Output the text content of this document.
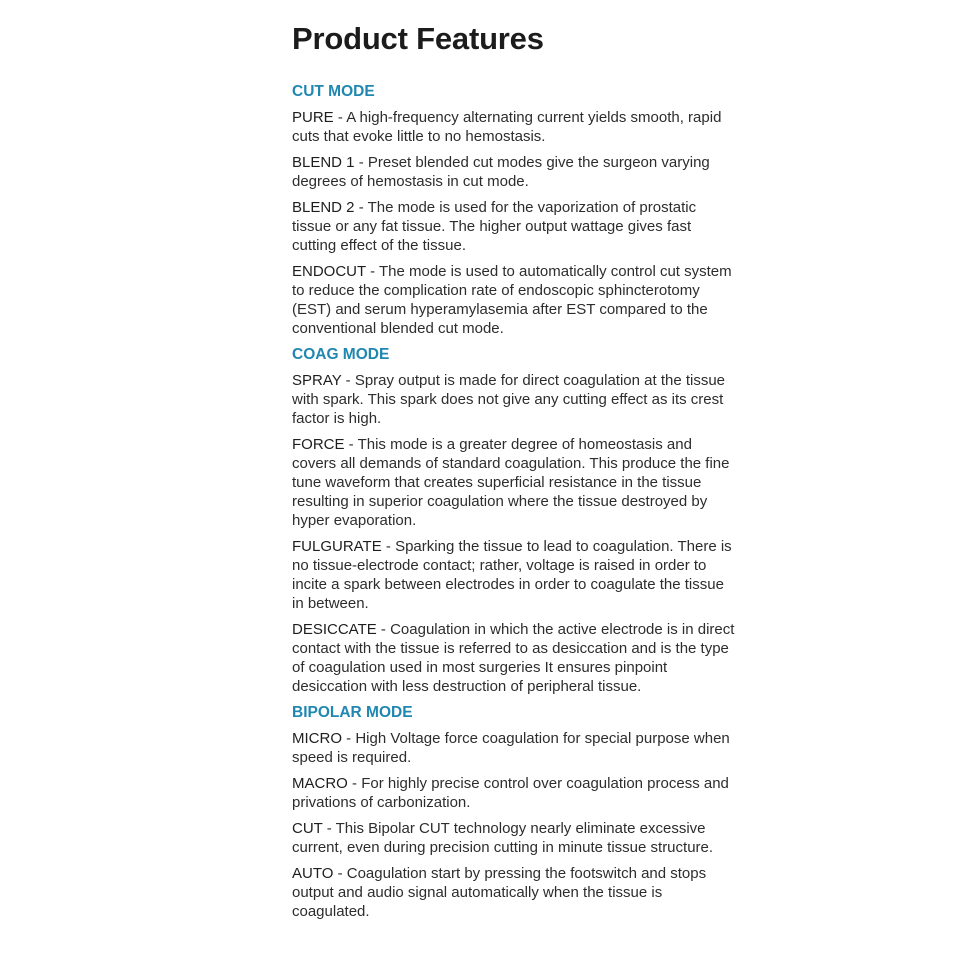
Product Features
CUT MODE

PURE - A high-frequency alternating current yields smooth, rapid cuts that evoke little to no hemostasis.

BLEND 1 - Preset blended cut modes give the surgeon varying degrees of hemostasis in cut mode.

BLEND 2 - The mode is used for the vaporization of prostatic tissue or any fat tissue. The higher output wattage gives fast cutting effect of the tissue.

ENDOCUT - The mode is used to automatically control cut system to reduce the complication rate of endoscopic sphincterotomy (EST) and serum hyperamylasemia after EST compared to the conventional blended cut mode.

COAG MODE

SPRAY - Spray output is made for direct coagulation at the tissue with spark. This spark does not give any cutting effect as its crest factor is high.

FORCE - This mode is a greater degree of homeostasis and covers all demands of standard coagulation. This produce the fine tune waveform that creates superficial resistance in the tissue resulting in superior coagulation where the tissue destroyed by hyper evaporation.

FULGURATE - Sparking the tissue to lead to coagulation. There is no tissue-electrode contact; rather, voltage is raised in order to incite a spark between electrodes in order to coagulate the tissue in between.

DESICCATE - Coagulation in which the active electrode is in direct contact with the tissue is referred to as desiccation and is the type of coagulation used in most surgeries It ensures pinpoint desiccation with less destruction of peripheral tissue.

BIPOLAR MODE

MICRO - High Voltage force coagulation for special purpose when speed is required.

MACRO - For highly precise control over coagulation process and privations of carbonization.

CUT - This Bipolar CUT technology nearly eliminate excessive current, even during precision cutting in minute tissue structure.

AUTO - Coagulation start by pressing the footswitch and stops output and audio signal automatically when the tissue is coagulated.
